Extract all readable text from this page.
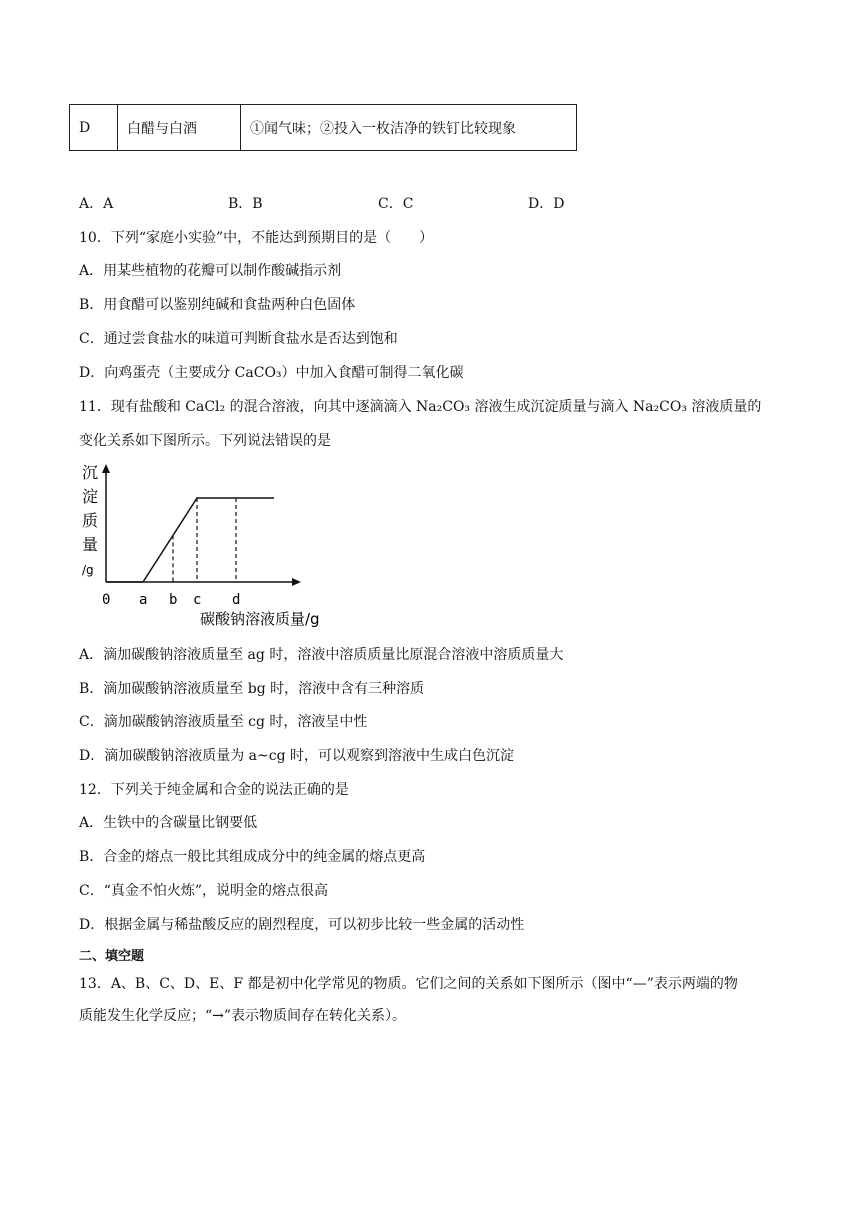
D	白醋与白酒	①闻气味；②投入一枚洁净的铁钉比较现象
A．A	B．B	C．C	D．D
10．下列“家庭小实验”中，不能达到预期目的是（　　）
A．用某些植物的花瓣可以制作酸碱指示剂
B．用食醋可以鉴别纯碱和食盐两种白色固体
C．通过尝食盐水的味道可判断食盐水是否达到饱和
D．向鸡蛋壳（主要成分 CaCO₃）中加入食醋可制得二氧化碳
11．现有盐酸和 CaCl₂ 的混合溶液，向其中逐滴滴入 Na₂CO₃ 溶液生成沉淀质量与滴入 Na₂CO₃ 溶液质量的
变化关系如下图所示。下列说法错误的是
沉
淀
质
量
/g
0 a b c d
碳酸钠溶液质量/g
A．滴加碳酸钠溶液质量至 ag 时，溶液中溶质质量比原混合溶液中溶质质量大
B．滴加碳酸钠溶液质量至 bg 时，溶液中含有三种溶质
C．滴加碳酸钠溶液质量至 cg 时，溶液呈中性
D．滴加碳酸钠溶液质量为 a~cg 时，可以观察到溶液中生成白色沉淀
12．下列关于纯金属和合金的说法正确的是
A．生铁中的含碳量比钢要低
B．合金的熔点一般比其组成成分中的纯金属的熔点更高
C．“真金不怕火炼”，说明金的熔点很高
D．根据金属与稀盐酸反应的剧烈程度，可以初步比较一些金属的活动性
二、填空题
13．A、B、C、D、E、F 都是初中化学常见的物质。它们之间的关系如下图所示（图中“—”表示两端的物
质能发生化学反应；“→”表示物质间存在转化关系）。
